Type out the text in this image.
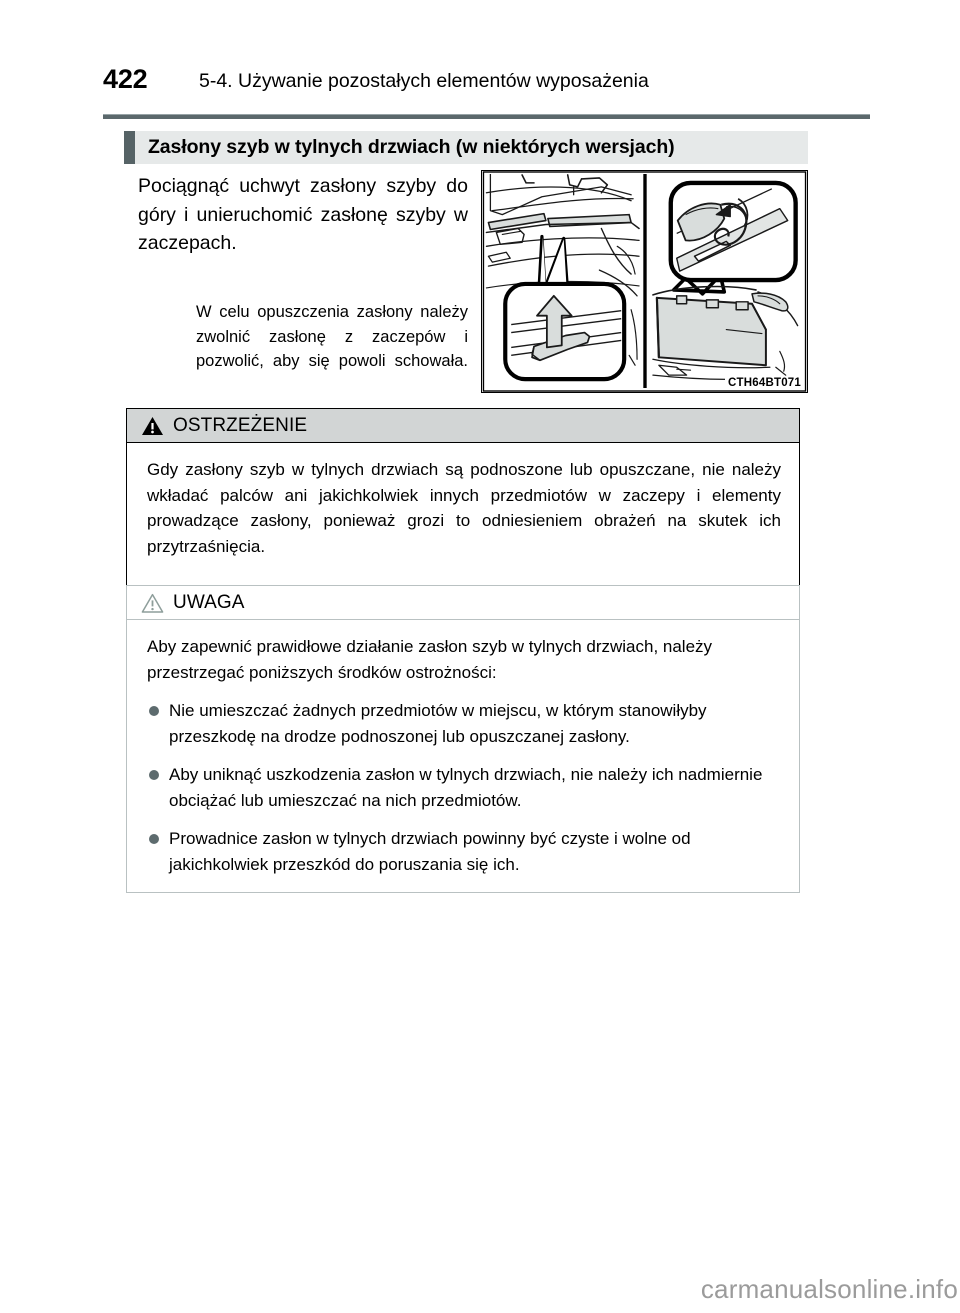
422	5-4. Używanie pozostałych elementów wyposażenia
Zasłony szyb w tylnych drzwiach (w niektórych wersjach)

Pociągnąć uchwyt zasłony szyby do góry i unieruchomić zasłonę szyby w zaczepach.

W celu opuszczenia zasłony należy zwolnić zasłonę z zaczepów i pozwolić, aby się powoli schowała.

CTH64BT071
OSTRZEŻENIE

Gdy zasłony szyb w tylnych drzwiach są podnoszone lub opuszczane, nie należy wkładać palców ani jakichkolwiek innych przedmiotów w zaczepy i elementy prowadzące zasłony, ponieważ grozi to odniesieniem obrażeń na skutek ich przytrzaśnięcia.

UWAGA

Aby zapewnić prawidłowe działanie zasłon szyb w tylnych drzwiach, należy przestrzegać poniższych środków ostrożności:

Nie umieszczać żadnych przedmiotów w miejscu, w którym stanowiłyby przeszkodę na drodze podnoszonej lub opuszczanej zasłony.
Aby uniknąć uszkodzenia zasłon w tylnych drzwiach, nie należy ich nadmiernie obciążać lub umieszczać na nich przedmiotów.
Prowadnice zasłon w tylnych drzwiach powinny być czyste i wolne od jakichkolwiek przeszkód do poruszania się ich.
carmanualsonline.info
